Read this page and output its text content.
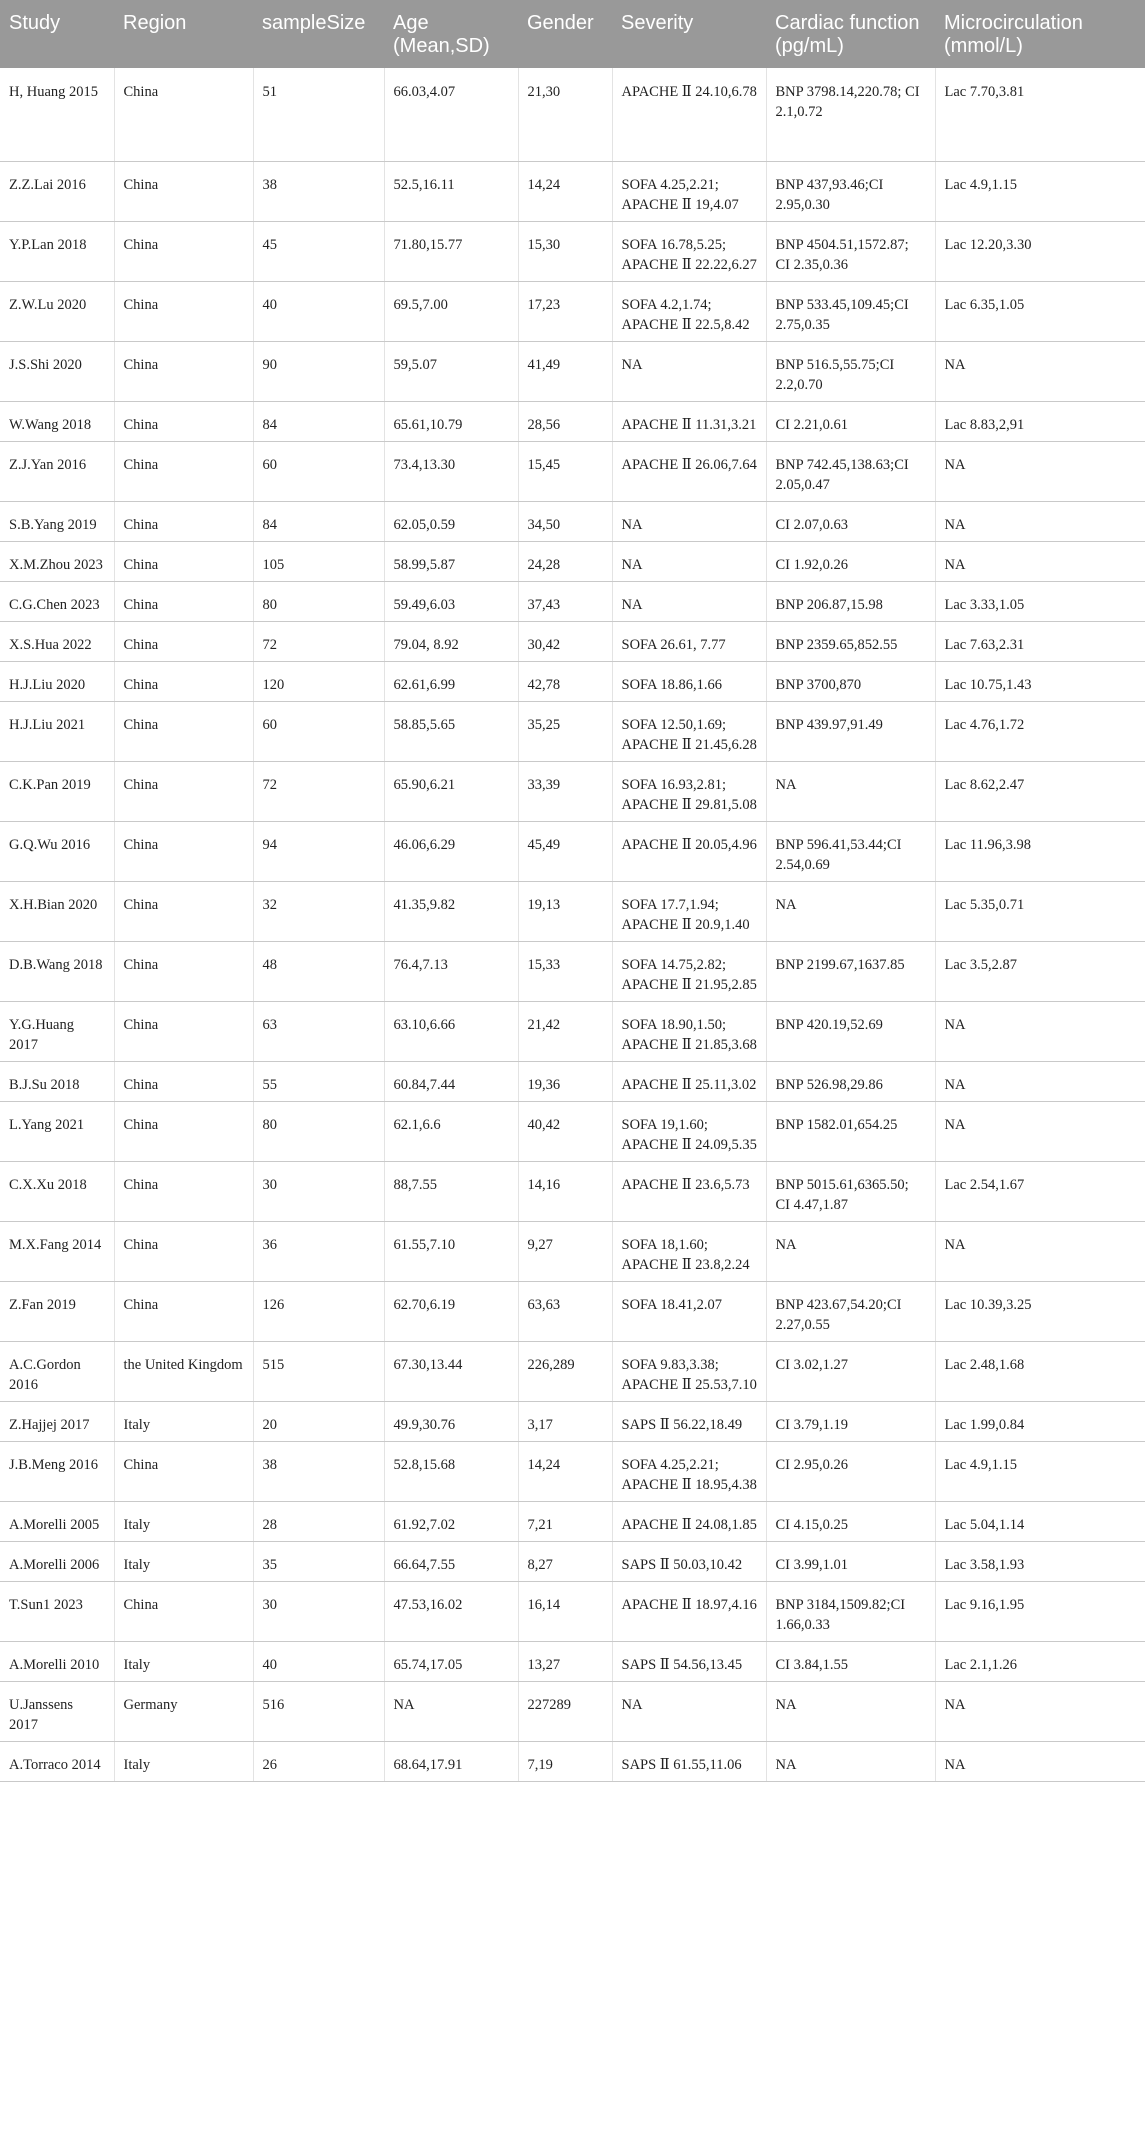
Study	Region	sampleSize	Age (Mean,SD)	Gender	Severity	Cardiac function (pg/mL)	Microcirculation (mmol/L)
H, Huang 2015	China	51	66.03,4.07	21,30	APACHE Ⅱ 24.10,6.78	BNP 3798.14,220.78; CI 2.1,0.72	Lac 7.70,3.81
Z.Z.Lai 2016	China	38	52.5,16.11	14,24	SOFA 4.25,2.21; APACHE Ⅱ 19,4.07	BNP 437,93.46;CI 2.95,0.30	Lac 4.9,1.15
Y.P.Lan 2018	China	45	71.80,15.77	15,30	SOFA 16.78,5.25; APACHE Ⅱ 22.22,6.27	BNP 4504.51,1572.87; CI 2.35,0.36	Lac 12.20,3.30
Z.W.Lu 2020	China	40	69.5,7.00	17,23	SOFA 4.2,1.74; APACHE Ⅱ 22.5,8.42	BNP 533.45,109.45;CI 2.75,0.35	Lac 6.35,1.05
J.S.Shi 2020	China	90	59,5.07	41,49	NA	BNP 516.5,55.75;CI 2.2,0.70	NA
W.Wang 2018	China	84	65.61,10.79	28,56	APACHE Ⅱ 11.31,3.21	CI 2.21,0.61	Lac 8.83,2,91
Z.J.Yan 2016	China	60	73.4,13.30	15,45	APACHE Ⅱ 26.06,7.64	BNP 742.45,138.63;CI 2.05,0.47	NA
S.B.Yang 2019	China	84	62.05,0.59	34,50	NA	CI 2.07,0.63	NA
X.M.Zhou 2023	China	105	58.99,5.87	24,28	NA	CI 1.92,0.26	NA
C.G.Chen 2023	China	80	59.49,6.03	37,43	NA	BNP 206.87,15.98	Lac 3.33,1.05
X.S.Hua 2022	China	72	79.04, 8.92	30,42	SOFA 26.61, 7.77	BNP 2359.65,852.55	Lac 7.63,2.31
H.J.Liu 2020	China	120	62.61,6.99	42,78	SOFA 18.86,1.66	BNP 3700,870	Lac 10.75,1.43
H.J.Liu 2021	China	60	58.85,5.65	35,25	SOFA 12.50,1.69; APACHE Ⅱ 21.45,6.28	BNP 439.97,91.49	Lac 4.76,1.72
C.K.Pan 2019	China	72	65.90,6.21	33,39	SOFA 16.93,2.81; APACHE Ⅱ 29.81,5.08	NA	Lac 8.62,2.47
G.Q.Wu 2016	China	94	46.06,6.29	45,49	APACHE Ⅱ 20.05,4.96	BNP 596.41,53.44;CI 2.54,0.69	Lac 11.96,3.98
X.H.Bian 2020	China	32	41.35,9.82	19,13	SOFA 17.7,1.94; APACHE Ⅱ 20.9,1.40	NA	Lac 5.35,0.71
D.B.Wang 2018	China	48	76.4,7.13	15,33	SOFA 14.75,2.82; APACHE Ⅱ 21.95,2.85	BNP 2199.67,1637.85	Lac 3.5,2.87
Y.G.Huang 2017	China	63	63.10,6.66	21,42	SOFA 18.90,1.50; APACHE Ⅱ 21.85,3.68	BNP 420.19,52.69	NA
B.J.Su 2018	China	55	60.84,7.44	19,36	APACHE Ⅱ 25.11,3.02	BNP 526.98,29.86	NA
L.Yang 2021	China	80	62.1,6.6	40,42	SOFA 19,1.60; APACHE Ⅱ 24.09,5.35	BNP 1582.01,654.25	NA
C.X.Xu 2018	China	30	88,7.55	14,16	APACHE Ⅱ 23.6,5.73	BNP 5015.61,6365.50; CI 4.47,1.87	Lac 2.54,1.67
M.X.Fang 2014	China	36	61.55,7.10	9,27	SOFA 18,1.60; APACHE Ⅱ 23.8,2.24	NA	NA
Z.Fan 2019	China	126	62.70,6.19	63,63	SOFA 18.41,2.07	BNP 423.67,54.20;CI 2.27,0.55	Lac 10.39,3.25
A.C.Gordon 2016	the United Kingdom	515	67.30,13.44	226,289	SOFA 9.83,3.38; APACHE Ⅱ 25.53,7.10	CI 3.02,1.27	Lac 2.48,1.68
Z.Hajjej 2017	Italy	20	49.9,30.76	3,17	SAPS Ⅱ 56.22,18.49	CI 3.79,1.19	Lac 1.99,0.84
J.B.Meng 2016	China	38	52.8,15.68	14,24	SOFA 4.25,2.21; APACHE Ⅱ 18.95,4.38	CI 2.95,0.26	Lac 4.9,1.15
A.Morelli 2005	Italy	28	61.92,7.02	7,21	APACHE Ⅱ 24.08,1.85	CI 4.15,0.25	Lac 5.04,1.14
A.Morelli 2006	Italy	35	66.64,7.55	8,27	SAPS Ⅱ 50.03,10.42	CI 3.99,1.01	Lac 3.58,1.93
T.Sun1 2023	China	30	47.53,16.02	16,14	APACHE Ⅱ 18.97,4.16	BNP 3184,1509.82;CI 1.66,0.33	Lac 9.16,1.95
A.Morelli 2010	Italy	40	65.74,17.05	13,27	SAPS Ⅱ 54.56,13.45	CI 3.84,1.55	Lac 2.1,1.26
U.Janssens 2017	Germany	516	NA	227289	NA	NA	NA
A.Torraco 2014	Italy	26	68.64,17.91	7,19	SAPS Ⅱ 61.55,11.06	NA	NA
